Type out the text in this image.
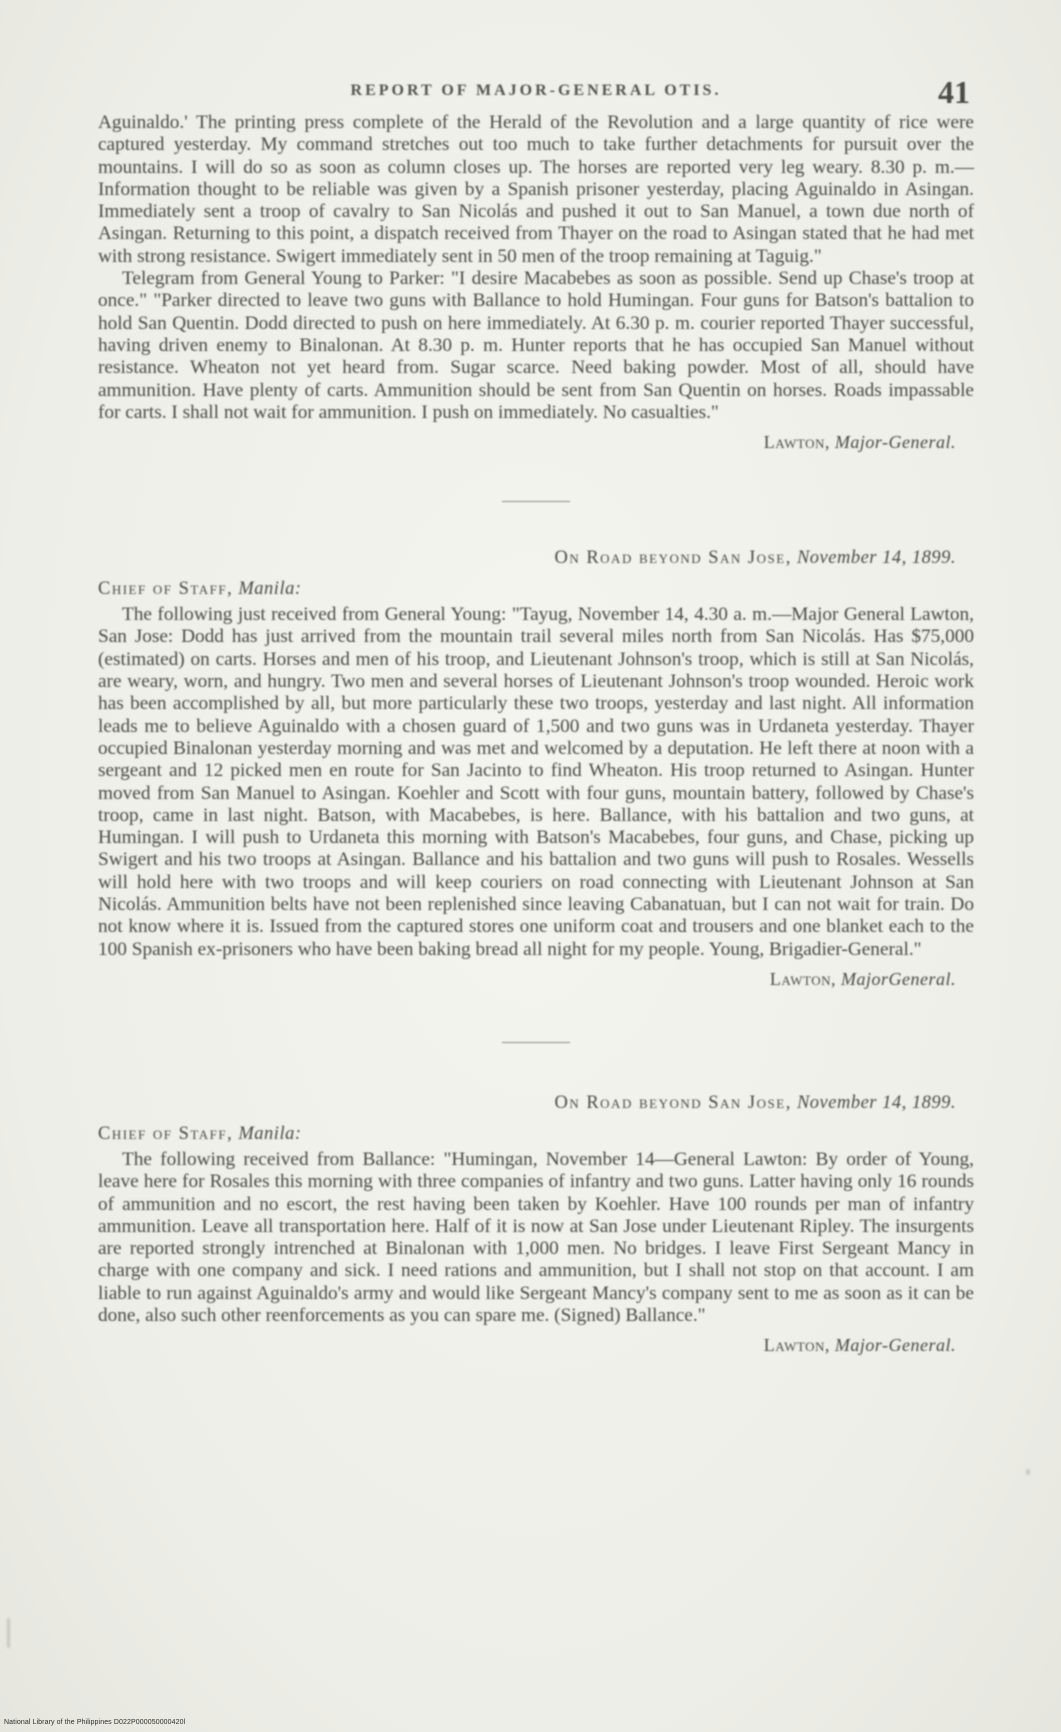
REPORT OF MAJOR-GENERAL OTIS.	41

Aguinaldo.' The printing press complete of the Herald of the Revolution and a large quantity of rice were captured yesterday. My command stretches out too much to take further detachments for pursuit over the mountains. I will do so as soon as column closes up. The horses are reported very leg weary. 8.30 p. m.—Information thought to be reliable was given by a Spanish prisoner yesterday, placing Aguinaldo in Asingan. Immediately sent a troop of cavalry to San Nicolás and pushed it out to San Manuel, a town due north of Asingan. Returning to this point, a dispatch received from Thayer on the road to Asingan stated that he had met with strong resistance. Swigert immediately sent in 50 men of the troop remaining at Taguig."

Telegram from General Young to Parker: "I desire Macabebes as soon as possible. Send up Chase's troop at once." "Parker directed to leave two guns with Ballance to hold Humingan. Four guns for Batson's battalion to hold San Quentin. Dodd directed to push on here immediately. At 6.30 p. m. courier reported Thayer successful, having driven enemy to Binalonan. At 8.30 p. m. Hunter reports that he has occupied San Manuel without resistance. Wheaton not yet heard from. Sugar scarce. Need baking powder. Most of all, should have ammunition. Have plenty of carts. Ammunition should be sent from San Quentin on horses. Roads impassable for carts. I shall not wait for ammunition. I push on immediately. No casualties."

Lawton, Major-General.
On Road beyond San Jose, November 14, 1899.
Chief of Staff, Manila:

The following just received from General Young: "Tayug, November 14, 4.30 a. m.—Major General Lawton, San Jose: Dodd has just arrived from the mountain trail several miles north from San Nicolás. Has $75,000 (estimated) on carts. Horses and men of his troop, and Lieutenant Johnson's troop, which is still at San Nicolás, are weary, worn, and hungry. Two men and several horses of Lieutenant Johnson's troop wounded. Heroic work has been accomplished by all, but more particularly these two troops, yesterday and last night. All information leads me to believe Aguinaldo with a chosen guard of 1,500 and two guns was in Urdaneta yesterday. Thayer occupied Binalonan yesterday morning and was met and welcomed by a deputation. He left there at noon with a sergeant and 12 picked men en route for San Jacinto to find Wheaton. His troop returned to Asingan. Hunter moved from San Manuel to Asingan. Koehler and Scott with four guns, mountain battery, followed by Chase's troop, came in last night. Batson, with Macabebes, is here. Ballance, with his battalion and two guns, at Humingan. I will push to Urdaneta this morning with Batson's Macabebes, four guns, and Chase, picking up Swigert and his two troops at Asingan. Ballance and his battalion and two guns will push to Rosales. Wessells will hold here with two troops and will keep couriers on road connecting with Lieutenant Johnson at San Nicolás. Ammunition belts have not been replenished since leaving Cabanatuan, but I can not wait for train. Do not know where it is. Issued from the captured stores one uniform coat and trousers and one blanket each to the 100 Spanish ex-prisoners who have been baking bread all night for my people. Young, Brigadier-General."

Lawton, MajorGeneral.
On Road beyond San Jose, November 14, 1899.
Chief of Staff, Manila:

The following received from Ballance: "Humingan, November 14—General Lawton: By order of Young, leave here for Rosales this morning with three companies of infantry and two guns. Latter having only 16 rounds of ammunition and no escort, the rest having been taken by Koehler. Have 100 rounds per man of infantry ammunition. Leave all transportation here. Half of it is now at San Jose under Lieutenant Ripley. The insurgents are reported strongly intrenched at Binalonan with 1,000 men. No bridges. I leave First Sergeant Mancy in charge with one company and sick. I need rations and ammunition, but I shall not stop on that account. I am liable to run against Aguinaldo's army and would like Sergeant Mancy's company sent to me as soon as it can be done, also such other reenforcements as you can spare me. (Signed) Ballance."

Lawton, Major-General.
National Library of the Philippines D022P000050000420l
